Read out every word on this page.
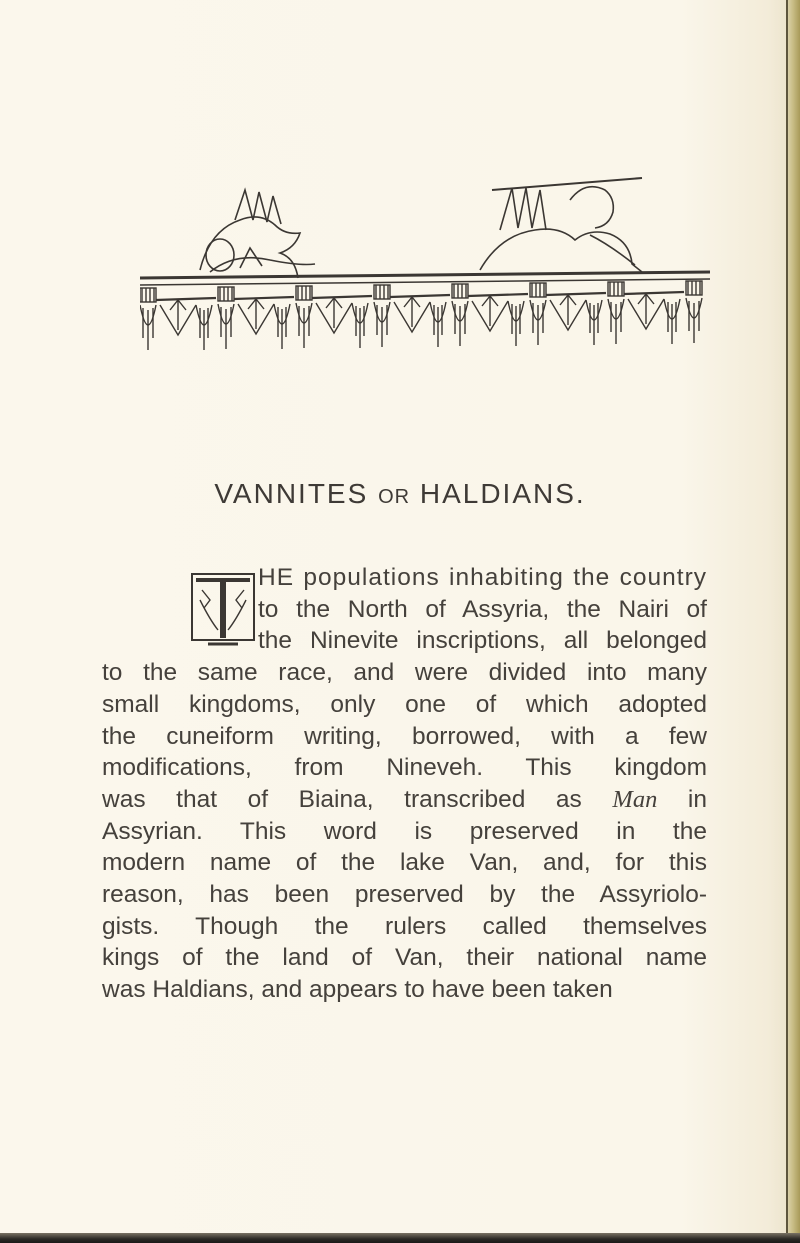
VANNITES OR HALDIANS.
T
HE populations inhabiting the country
to the North of Assyria, the Nairi of
the Ninevite inscriptions, all belonged
to the same race, and were divided into many
small kingdoms, only one of which adopted
the cuneiform writing, borrowed, with a few
modifications, from Nineveh. This kingdom
was that of Biaina, transcribed as Man in
Assyrian. This word is preserved in the
modern name of the lake Van, and, for this
reason, has been preserved by the Assyriolo-
gists. Though the rulers called themselves
kings of the land of Van, their national name
was Haldians, and appears to have been taken
